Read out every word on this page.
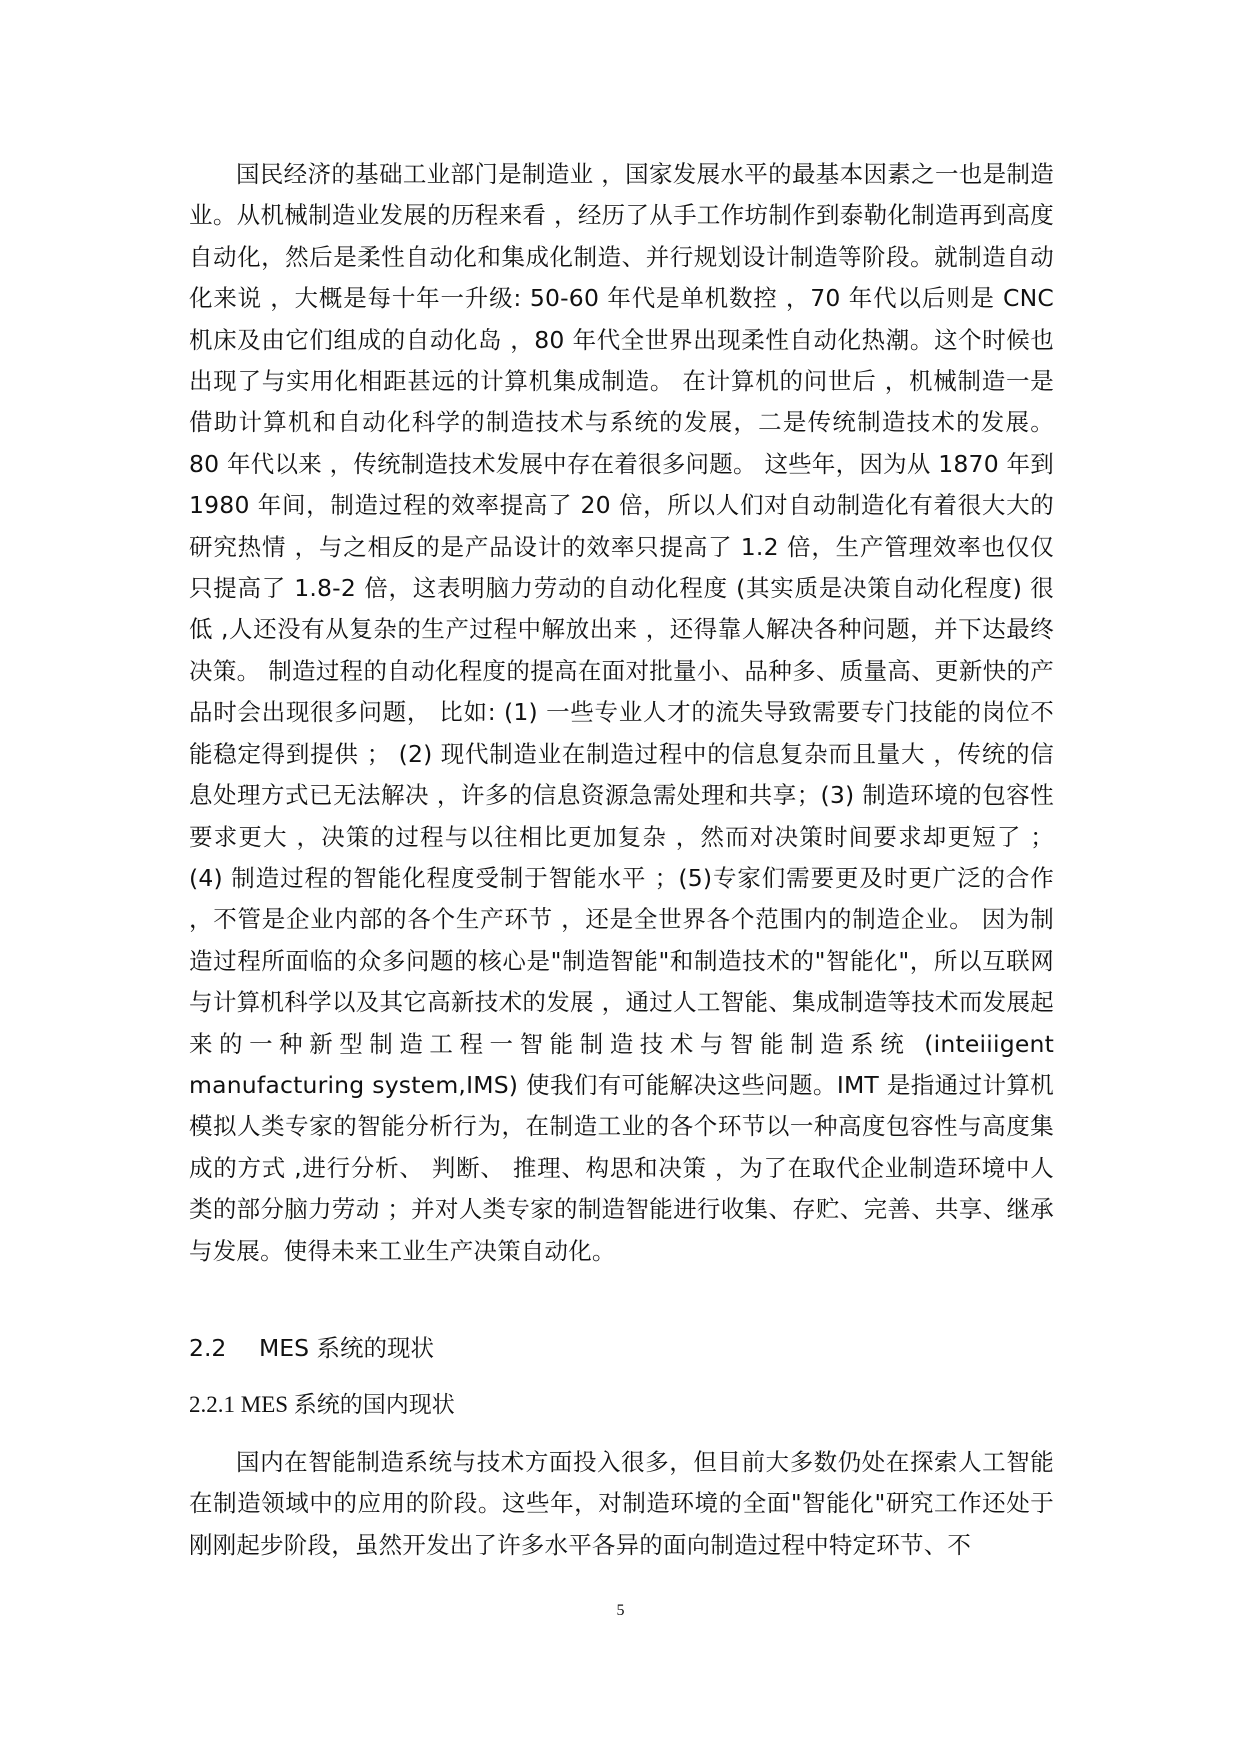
国民经济的基础工业部门是制造业 ，国家发展水平的最基本因素之一也是制造业。从机械制造业发展的历程来看 ，经历了从手工作坊制作到泰勒化制造再到高度自动化，然后是柔性自动化和集成化制造、并行规划设计制造等阶段。就制造自动化来说 ，大概是每十年一升级: 50-60 年代是单机数控 ，70 年代以后则是 CNC 机床及由它们组成的自动化岛 ，80 年代全世界出现柔性自动化热潮。这个时候也出现了与实用化相距甚远的计算机集成制造。 在计算机的问世后 ，机械制造一是借助计算机和自动化科学的制造技术与系统的发展，二是传统制造技术的发展。 80 年代以来 ，传统制造技术发展中存在着很多问题。 这些年，因为从 1870 年到 1980 年间，制造过程的效率提高了 20 倍，所以人们对自动制造化有着很大大的研究热情 ，与之相反的是产品设计的效率只提高了 1.2 倍，生产管理效率也仅仅只提高了 1.8-2 倍，这表明脑力劳动的自动化程度 (其实质是决策自动化程度) 很低 ,人还没有从复杂的生产过程中解放出来 ，还得靠人解决各种问题，并下达最终决策。 制造过程的自动化程度的提高在面对批量小、品种多、质量高、更新快的产品时会出现很多问题， 比如: (1) 一些专业人才的流失导致需要专门技能的岗位不能稳定得到提供 ； (2) 现代制造业在制造过程中的信息复杂而且量大 ，传统的信息处理方式已无法解决 ，许多的信息资源急需处理和共享；(3) 制造环境的包容性要求更大 ，决策的过程与以往相比更加复杂 ，然而对决策时间要求却更短了 ； (4) 制造过程的智能化程度受制于智能水平 ；(5)专家们需要更及时更广泛的合作 ，不管是企业内部的各个生产环节 ，还是全世界各个范围内的制造企业。 因为制造过程所面临的众多问题的核心是"制造智能"和制造技术的"智能化"，所以互联网与计算机科学以及其它高新技术的发展 ，通过人工智能、集成制造等技术而发展起来的一种新型制造工程一智能制造技术与智能制造系统 (inteiiigent manufacturing system,IMS) 使我们有可能解决这些问题。IMT 是指通过计算机模拟人类专家的智能分析行为，在制造工业的各个环节以一种高度包容性与高度集成的方式 ,进行分析、 判断、 推理、构思和决策 ，为了在取代企业制造环境中人类的部分脑力劳动 ；并对人类专家的制造智能进行收集、存贮、完善、共享、继承与发展。使得未来工业生产决策自动化。

2.2 MES 系统的现状
2.2.1 MES 系统的国内现状

国内在智能制造系统与技术方面投入很多，但目前大多数仍处在探索人工智能在制造领域中的应用的阶段。这些年，对制造环境的全面"智能化"研究工作还处于刚刚起步阶段，虽然开发出了许多水平各异的面向制造过程中特定环节、不

5
